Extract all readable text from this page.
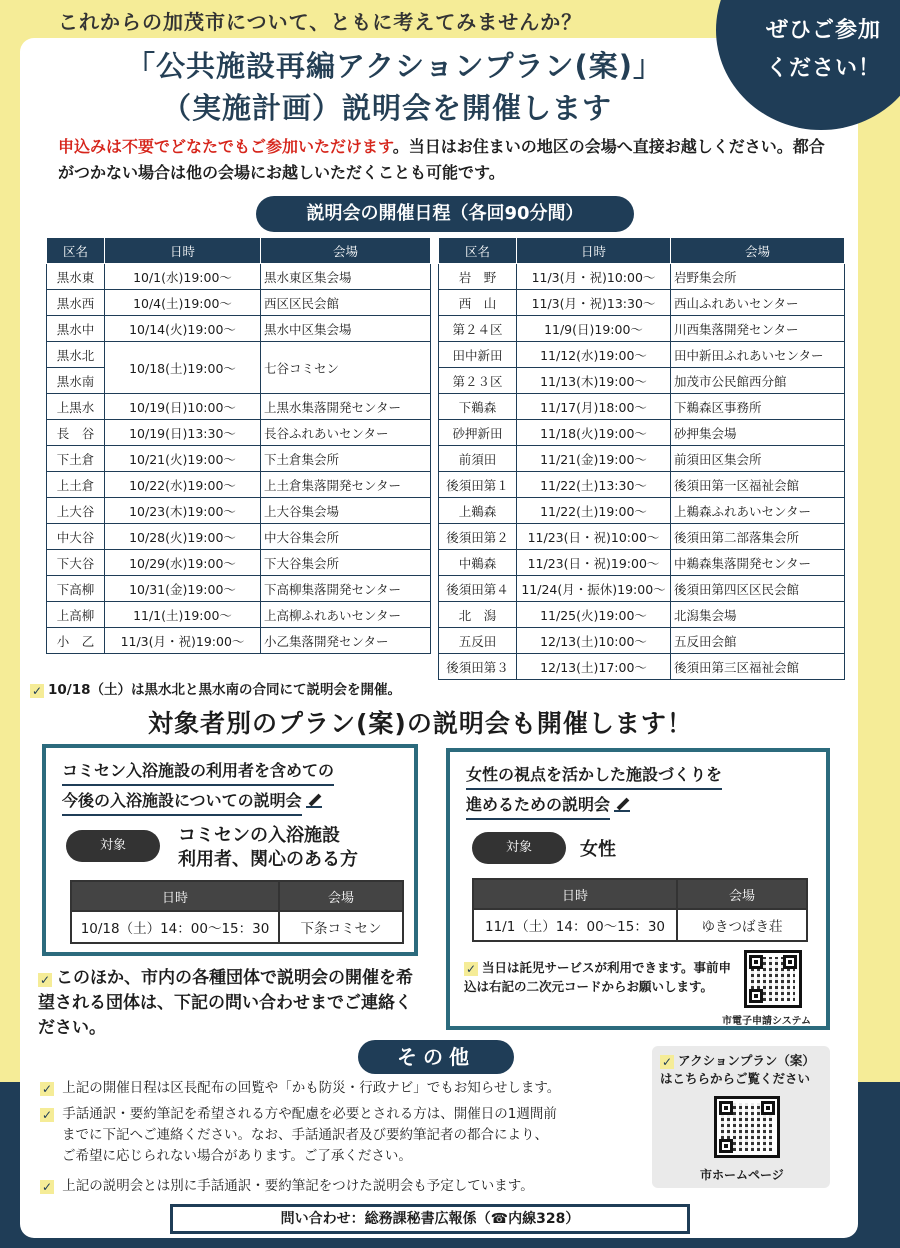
これからの加茂市について、ともに考えてみませんか？	ぜひご参加
ください！
「公共施設再編アクションプラン(案)」
（実施計画）説明会を開催します
申込みは不要でどなたでもご参加いただけます。当日はお住まいの地区の会場へ直接お越しください。都合がつかない場合は他の会場にお越しいただくことも可能です。
説明会の開催日程（各回90分間）
区名	日時	会場
黒水東	10/1(水)19:00～	黒水東区集会場
黒水西	10/4(土)19:00～	西区区民会館
黒水中	10/14(火)19:00～	黒水中区集会場
黒水北	10/18(土)19:00～	七谷コミセン
黒水南		
上黒水	10/19(日)10:00～	上黒水集落開発センター
長　谷	10/19(日)13:30～	長谷ふれあいセンター
下土倉	10/21(火)19:00～	下土倉集会所
上土倉	10/22(水)19:00～	上土倉集落開発センター
上大谷	10/23(木)19:00～	上大谷集会場
中大谷	10/28(火)19:00～	中大谷集会所
下大谷	10/29(水)19:00～	下大谷集会所
下高柳	10/31(金)19:00～	下高柳集落開発センター
上高柳	11/1(土)19:00～	上高柳ふれあいセンター
小　乙	11/3(月・祝)19:00～	小乙集落開発センター
区名	日時	会場
岩　野	11/3(月・祝)10:00～	岩野集会所
西　山	11/3(月・祝)13:30～	西山ふれあいセンター
第２４区	11/9(日)19:00～	川西集落開発センター
田中新田	11/12(水)19:00～	田中新田ふれあいセンター
第２３区	11/13(木)19:00～	加茂市公民館西分館
下鵜森	11/17(月)18:00～	下鵜森区事務所
砂押新田	11/18(火)19:00～	砂押集会場
前須田	11/21(金)19:00～	前須田区集会所
後須田第１	11/22(土)13:30～	後須田第一区福祉会館
上鵜森	11/22(土)19:00～	上鵜森ふれあいセンター
後須田第２	11/23(日・祝)10:00～	後須田第二部落集会所
中鵜森	11/23(日・祝)19:00～	中鵜森集落開発センター
後須田第４	11/24(月・振休)19:00～	後須田第四区区民会館
北　潟	11/25(火)19:00～	北潟集会場
五反田	12/13(土)10:00～	五反田会館
後須田第３	12/13(土)17:00～	後須田第三区福祉会館
✓ 10/18（土）は黒水北と黒水南の合同にて説明会を開催。
対象者別のプラン(案)の説明会も開催します！
コミセン入浴施設の利用者を含めての
今後の入浴施設についての説明会
対象	コミセンの入浴施設
利用者、関心のある方
日時	会場
10/18（土）14：00～15：30	下条コミセン
女性の視点を活かした施設づくりを
進めるための説明会
対象	女性
日時	会場
11/1（土）14：00～15：30	ゆきつばき荘
✓ 当日は託児サービスが利用できます。事前申込は右記の二次元コードからお願いします。
市電子申請システム
✓ このほか、市内の各種団体で説明会の開催を希望される団体は、下記の問い合わせまでご連絡ください。
その他
✓ 上記の開催日程は区長配布の回覧や「かも防災・行政ナビ」でもお知らせします。
✓ 手話通訳・要約筆記を希望される方や配慮を必要とされる方は、開催日の1週間前
までに下記へご連絡ください。なお、手話通訳者及び要約筆記者の都合により、
ご希望に応じられない場合があります。ご了承ください。
✓ 上記の説明会とは別に手話通訳・要約筆記をつけた説明会も予定しています。
✓ アクションプラン（案）はこちらからご覧ください
市ホームページ
問い合わせ：総務課秘書広報係（☎内線328）
